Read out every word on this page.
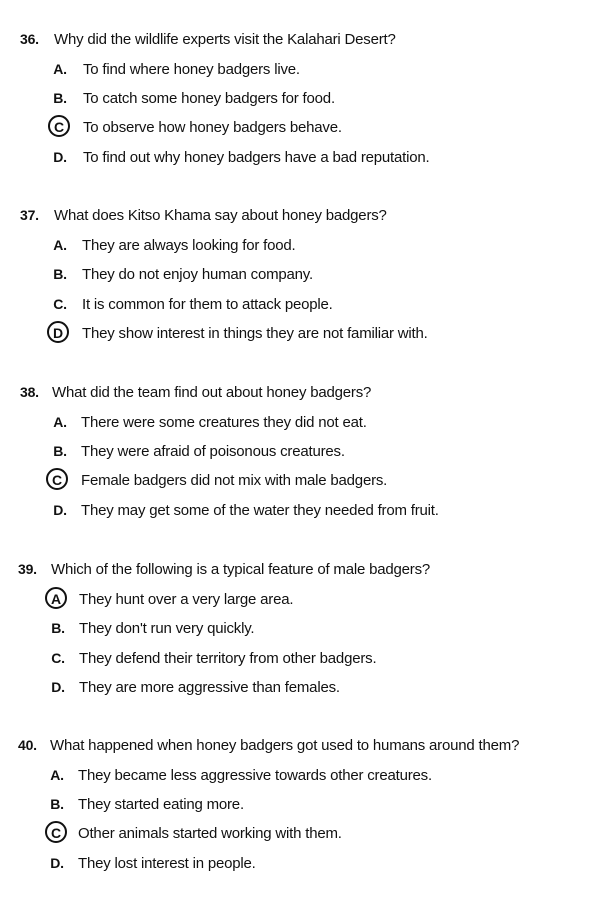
36. Why did the wildlife experts visit the Kalahari Desert?
A. To find where honey badgers live.
B. To catch some honey badgers for food.
C	To observe how honey badgers behave.
D. To find out why honey badgers have a bad reputation.
37. What does Kitso Khama say about honey badgers?
A. They are always looking for food.
B. They do not enjoy human company.
C. It is common for them to attack people.
D	They show interest in things they are not familiar with.
38. What did the team find out about honey badgers?
A. There were some creatures they did not eat.
B. They were afraid of poisonous creatures.
C	Female badgers did not mix with male badgers.
D. They may get some of the water they needed from fruit.
39. Which of the following is a typical feature of male badgers?
A	They hunt over a very large area.
B. They don't run very quickly.
C. They defend their territory from other badgers.
D. They are more aggressive than females.
40. What happened when honey badgers got used to humans around them?
A. They became less aggressive towards other creatures.
B. They started eating more.
C	Other animals started working with them.
D. They lost interest in people.
